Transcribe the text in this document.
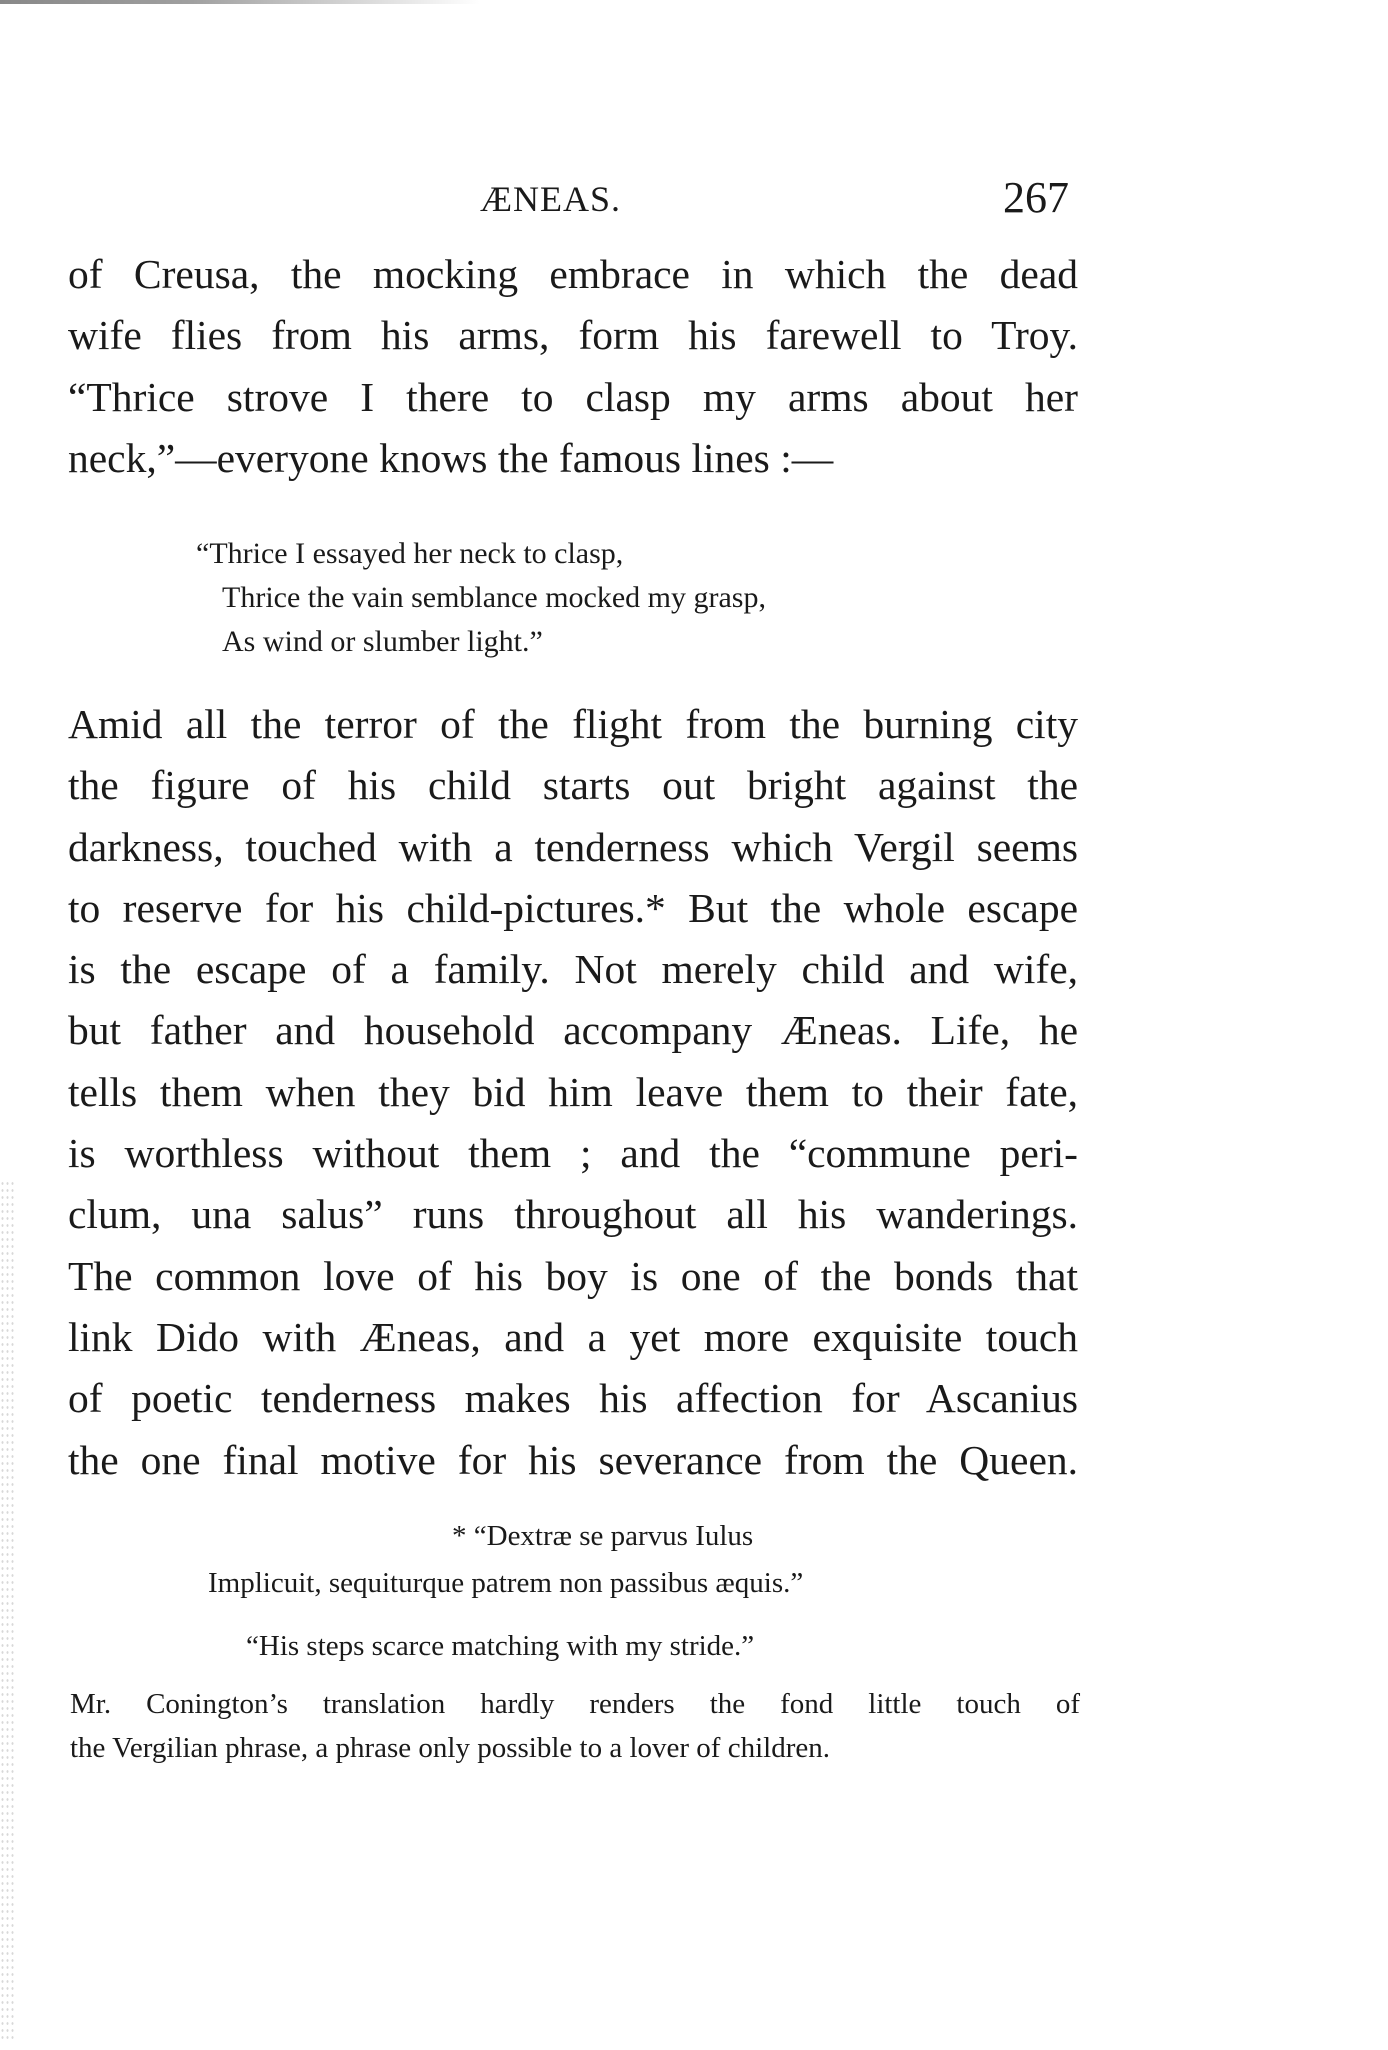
ÆNEAS.	267
of Creusa, the mocking embrace in which the dead
wife flies from his arms, form his farewell to Troy.
“Thrice strove I there to clasp my arms about her
neck,”—everyone knows the famous lines :—
“Thrice I essayed her neck to clasp,
Thrice the vain semblance mocked my grasp,
As wind or slumber light.”
Amid all the terror of the flight from the burning city
the figure of his child starts out bright against the
darkness, touched with a tenderness which Vergil seems
to reserve for his child-pictures.* But the whole escape
is the escape of a family. Not merely child and wife,
but father and household accompany Æneas. Life, he
tells them when they bid him leave them to their fate,
is worthless without them ; and the “commune peri-
clum, una salus” runs throughout all his wanderings.
The common love of his boy is one of the bonds that
link Dido with Æneas, and a yet more exquisite touch
of poetic tenderness makes his affection for Ascanius
the one final motive for his severance from the Queen.
* “Dextræ se parvus Iulus
Implicuit, sequiturque patrem non passibus æquis.”
“His steps scarce matching with my stride.”
Mr. Conington’s translation hardly renders the fond little touch of
the Vergilian phrase, a phrase only possible to a lover of children.
